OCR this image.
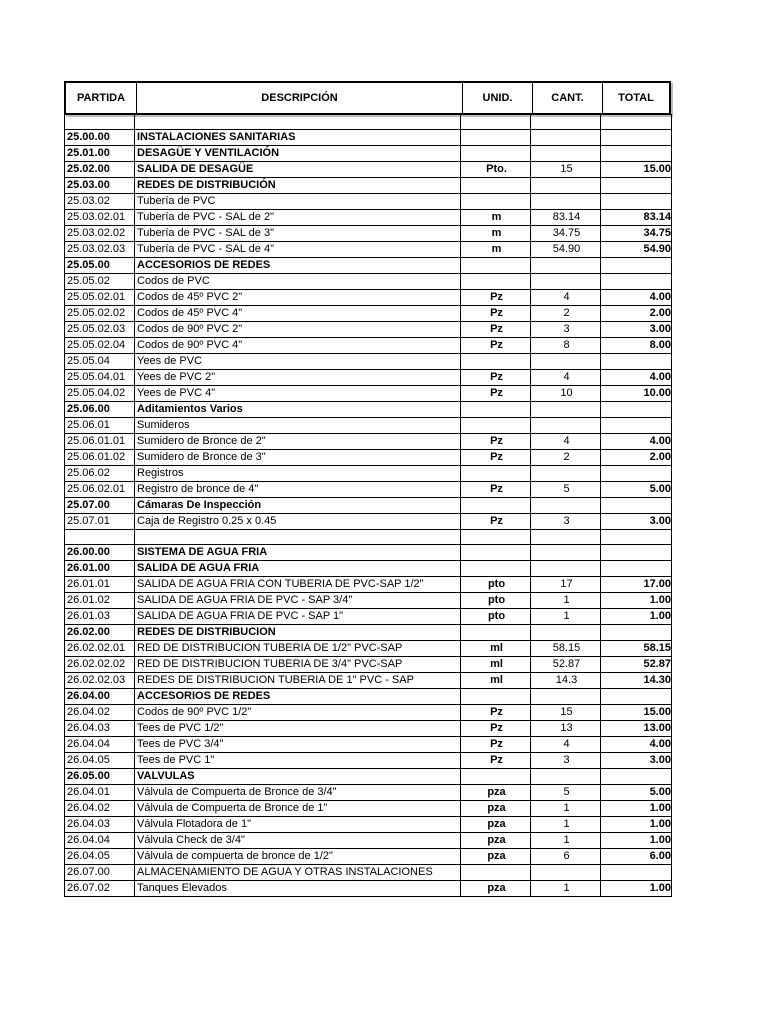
PARTIDA	DESCRIPCIÓN	UNID.	CANT.	TOTAL

25.00.00	INSTALACIONES SANITARIAS			
25.01.00	DESAGÜE Y VENTILACIÓN			
25.02.00	SALIDA DE DESAGÜE	Pto.	15	15.00
25.03.00	REDES DE DISTRIBUCIÓN			
25.03.02	Tubería de PVC			
25.03.02.01	Tubería de PVC - SAL de 2"	m	83.14	83.14
25.03.02.02	Tubería de PVC - SAL de 3"	m	34.75	34.75
25.03.02.03	Tubería de PVC - SAL de 4"	m	54.90	54.90
25.05.00	ACCESORIOS DE REDES			
25.05.02	Codos de PVC			
25.05.02.01	Codos de 45º PVC 2"	Pz	4	4.00
25.05.02.02	Codos de 45º PVC 4"	Pz	2	2.00
25.05.02.03	Codos de 90º PVC 2"	Pz	3	3.00
25.05.02.04	Codos de 90º PVC 4"	Pz	8	8.00
25.05.04	Yees de PVC			
25.05.04.01	Yees de PVC 2"	Pz	4	4.00
25.05.04.02	Yees de PVC 4"	Pz	10	10.00
25.06.00	Aditamientos Varios			
25.06.01	Sumideros			
25.06.01.01	Sumidero de Bronce de 2"	Pz	4	4.00
25.06.01.02	Sumidero de Bronce de 3"	Pz	2	2.00
25.06.02	Registros			
25.06.02.01	Registro de bronce de 4"	Pz	5	5.00
25.07.00	Cámaras De Inspección			
25.07.01	Caja de Registro 0.25 x 0.45	Pz	3	3.00

26.00.00	SISTEMA DE AGUA FRIA			
26.01.00	SALIDA DE AGUA FRIA			
26.01.01	SALIDA DE AGUA FRIA CON TUBERIA DE PVC-SAP 1/2"	pto	17	17.00
26.01.02	SALIDA DE AGUA FRIA DE PVC - SAP 3/4"	pto	1	1.00
26.01.03	SALIDA DE AGUA FRIA DE PVC - SAP 1"	pto	1	1.00
26.02.00	REDES DE DISTRIBUCION			
26.02.02.01	RED DE DISTRIBUCION TUBERIA DE 1/2" PVC-SAP	ml	58.15	58.15
26.02.02.02	RED DE DISTRIBUCION TUBERIA DE 3/4" PVC-SAP	ml	52.87	52.87
26.02.02.03	REDES DE DISTRIBUCION TUBERIA DE 1" PVC - SAP	ml	14.3	14.30
26.04.00	ACCESORIOS DE REDES			
26.04.02	Codos de 90º PVC 1/2"	Pz	15	15.00
26.04.03	Tees de PVC 1/2"	Pz	13	13.00
26.04.04	Tees de PVC 3/4"	Pz	4	4.00
26.04.05	Tees de PVC 1"	Pz	3	3.00
26.05.00	VALVULAS			
26.04.01	Válvula de Compuerta de Bronce de 3/4"	pza	5	5.00
26.04.02	Válvula de Compuerta de Bronce de 1"	pza	1	1.00
26.04.03	Válvula Flotadora de 1"	pza	1	1.00
26.04.04	Válvula Check de 3/4"	pza	1	1.00
26.04.05	Válvula de compuerta de bronce de 1/2"	pza	6	6.00
26.07.00	ALMACENAMIENTO DE AGUA Y OTRAS INSTALACIONES			
26.07.02	Tanques Elevados	pza	1	1.00
